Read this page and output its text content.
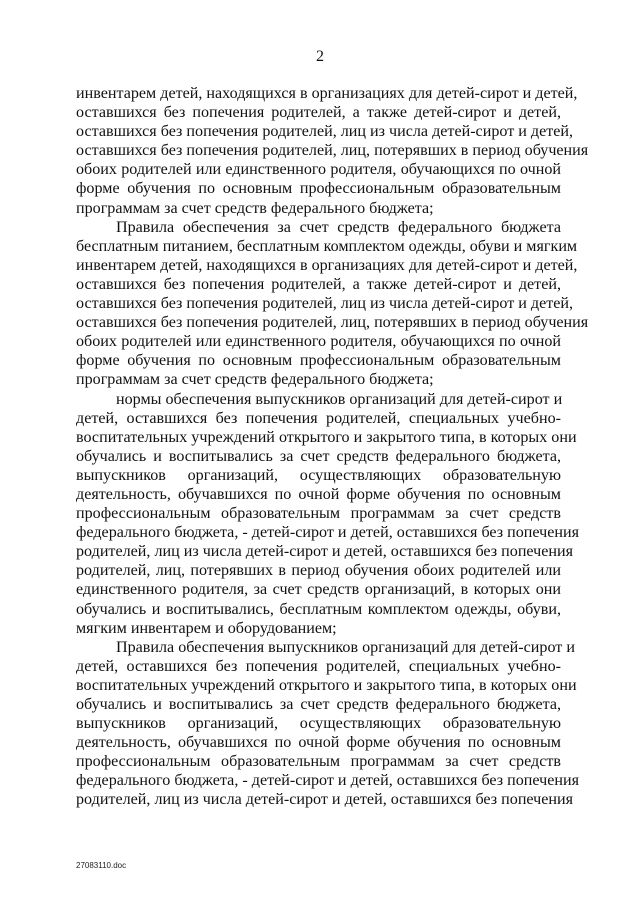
2

инвентарем детей, находящихся в организациях для детей-сирот и детей,
оставшихся без попечения родителей, а также детей-сирот и детей,
оставшихся без попечения родителей, лиц из числа детей-сирот и детей,
оставшихся без попечения родителей, лиц, потерявших в период обучения
обоих родителей или единственного родителя, обучающихся по очной
форме обучения по основным профессиональным образовательным
программам за счет средств федерального бюджета;

Правила обеспечения за счет средств федерального бюджета
бесплатным питанием, бесплатным комплектом одежды, обуви и мягким
инвентарем детей, находящихся в организациях для детей-сирот и детей,
оставшихся без попечения родителей, а также детей-сирот и детей,
оставшихся без попечения родителей, лиц из числа детей-сирот и детей,
оставшихся без попечения родителей, лиц, потерявших в период обучения
обоих родителей или единственного родителя, обучающихся по очной
форме обучения по основным профессиональным образовательным
программам за счет средств федерального бюджета;

нормы обеспечения выпускников организаций для детей-сирот и
детей, оставшихся без попечения родителей, специальных учебно-
воспитательных учреждений открытого и закрытого типа, в которых они
обучались и воспитывались за счет средств федерального бюджета,
выпускников организаций, осуществляющих образовательную
деятельность, обучавшихся по очной форме обучения по основным
профессиональным образовательным программам за счет средств
федерального бюджета, - детей-сирот и детей, оставшихся без попечения
родителей, лиц из числа детей-сирот и детей, оставшихся без попечения
родителей, лиц, потерявших в период обучения обоих родителей или
единственного родителя, за счет средств организаций, в которых они
обучались и воспитывались, бесплатным комплектом одежды, обуви,
мягким инвентарем и оборудованием;

Правила обеспечения выпускников организаций для детей-сирот и
детей, оставшихся без попечения родителей, специальных учебно-
воспитательных учреждений открытого и закрытого типа, в которых они
обучались и воспитывались за счет средств федерального бюджета,
выпускников организаций, осуществляющих образовательную
деятельность, обучавшихся по очной форме обучения по основным
профессиональным образовательным программам за счет средств
федерального бюджета, - детей-сирот и детей, оставшихся без попечения
родителей, лиц из числа детей-сирот и детей, оставшихся без попечения

27083110.doc
